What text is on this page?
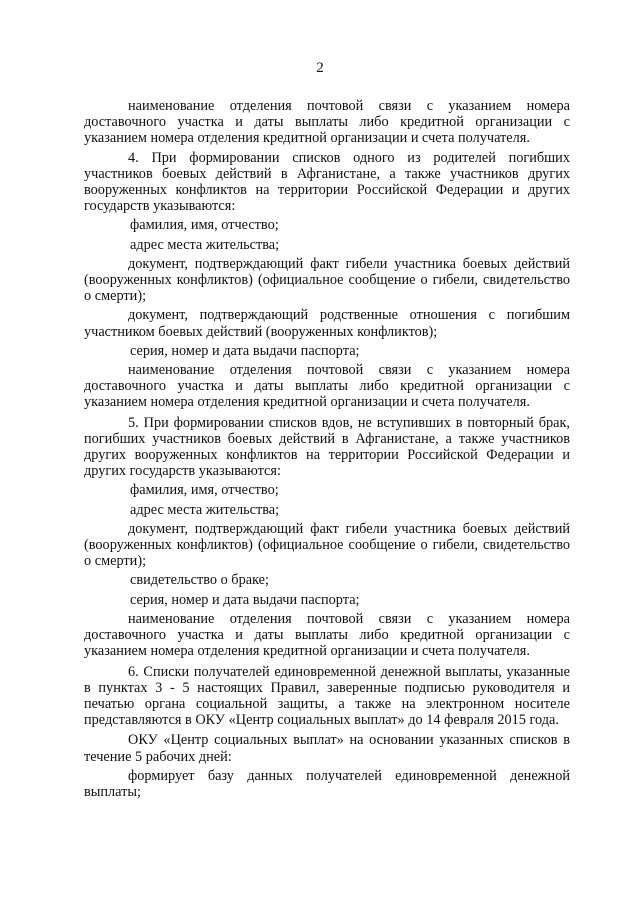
2

наименование отделения почтовой связи с указанием номера доставочного участка и даты выплаты либо кредитной организации с указанием номера отделения кредитной организации и счета получателя.

4. При формировании списков одного из родителей погибших участников боевых действий в Афганистане, а также участников других вооруженных конфликтов на территории Российской Федерации и других государств указываются:

фамилия, имя, отчество;

адрес места жительства;

документ, подтверждающий факт гибели участника боевых действий (вооруженных конфликтов) (официальное сообщение о гибели, свидетельство о смерти);

документ, подтверждающий родственные отношения с погибшим участником боевых действий (вооруженных конфликтов);

серия, номер и дата выдачи паспорта;

наименование отделения почтовой связи с указанием номера доставочного участка и даты выплаты либо кредитной организации с указанием номера отделения кредитной организации и счета получателя.

5. При формировании списков вдов, не вступивших в повторный брак, погибших участников боевых действий в Афганистане, а также участников других вооруженных конфликтов на территории Российской Федерации и других государств указываются:

фамилия, имя, отчество;

адрес места жительства;

документ, подтверждающий факт гибели участника боевых действий (вооруженных конфликтов) (официальное сообщение о гибели, свидетельство о смерти);

свидетельство о браке;

серия, номер и дата выдачи паспорта;

наименование отделения почтовой связи с указанием номера доставочного участка и даты выплаты либо кредитной организации с указанием номера отделения кредитной организации и счета получателя.

6. Списки получателей единовременной денежной выплаты, указанные в пунктах 3 - 5 настоящих Правил, заверенные подписью руководителя и печатью органа социальной защиты, а также на электронном носителе представляются в ОКУ «Центр социальных выплат» до 14 февраля 2015 года.

ОКУ «Центр социальных выплат» на основании указанных списков в течение 5 рабочих дней:

формирует базу данных получателей единовременной денежной выплаты;
